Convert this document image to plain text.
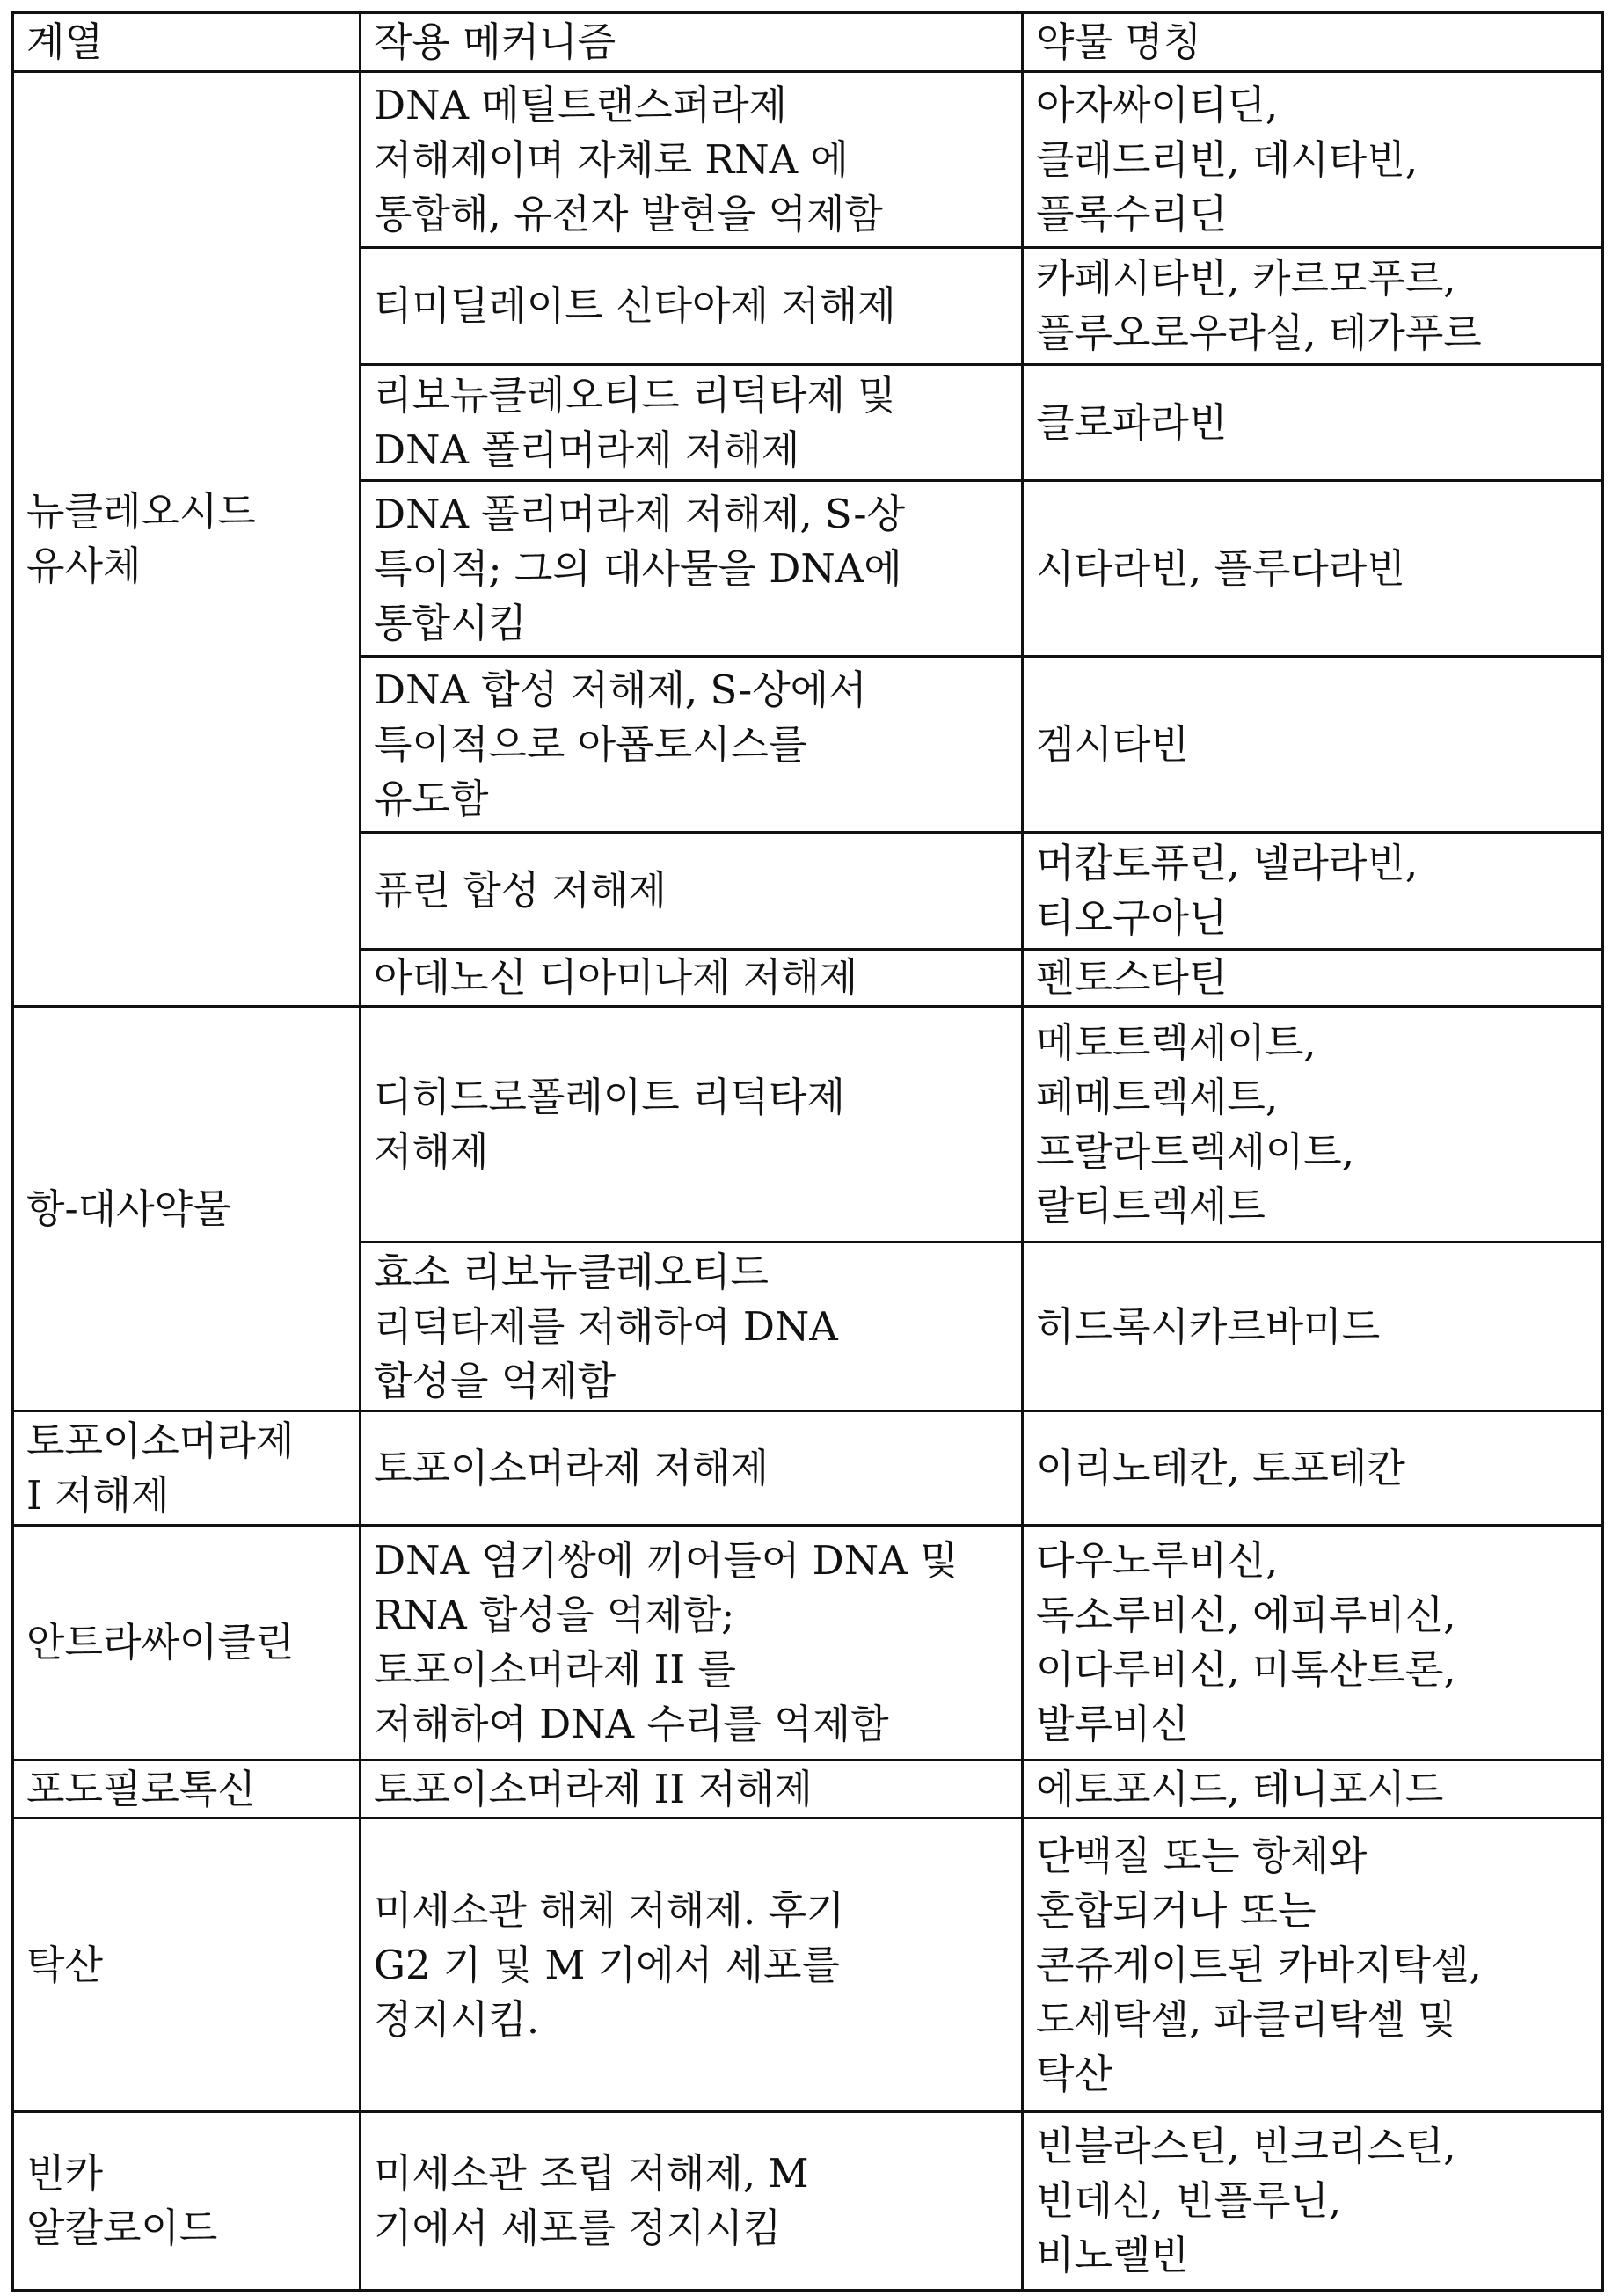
계열	작용 메커니즘	약물 명칭
뉴클레오시드
유사체	DNA 메틸트랜스퍼라제
저해제이며 자체로 RNA 에
통합해, 유전자 발현을 억제함	아자싸이티딘,
클래드리빈, 데시타빈,
플록수리딘
	티미딜레이트 신타아제 저해제	카페시타빈, 카르모푸르,
플루오로우라실, 테가푸르
	리보뉴클레오티드 리덕타제 및
DNA 폴리머라제 저해제	클로파라빈
	DNA 폴리머라제 저해제, S-상
특이적; 그의 대사물을 DNA에
통합시킴	시타라빈, 플루다라빈
	DNA 합성 저해제, S-상에서
특이적으로 아폽토시스를
유도함	겜시타빈
	퓨린 합성 저해제	머캅토퓨린, 넬라라빈,
티오구아닌
	아데노신 디아미나제 저해제	펜토스타틴
항-대사약물	디히드로폴레이트 리덕타제
저해제	메토트렉세이트,
페메트렉세트,
프랄라트렉세이트,
랄티트렉세트
	효소 리보뉴클레오티드
리덕타제를 저해하여 DNA
합성을 억제함	히드록시카르바미드
토포이소머라제
I 저해제	토포이소머라제 저해제	이리노테칸, 토포테칸
안트라싸이클린	DNA 염기쌍에 끼어들어 DNA 및
RNA 합성을 억제함;
토포이소머라제 II 를
저해하여 DNA 수리를 억제함	다우노루비신,
독소루비신, 에피루비신,
이다루비신, 미톡산트론,
발루비신
포도필로톡신	토포이소머라제 II 저해제	에토포시드, 테니포시드
탁산	미세소관 해체 저해제. 후기
G2 기 및 M 기에서 세포를
정지시킴.	단백질 또는 항체와
혼합되거나 또는
콘쥬게이트된 카바지탁셀,
도세탁셀, 파클리탁셀 및
탁산
빈카
알칼로이드	미세소관 조립 저해제, M
기에서 세포를 정지시킴	빈블라스틴, 빈크리스틴,
빈데신, 빈플루닌,
비노렐빈
